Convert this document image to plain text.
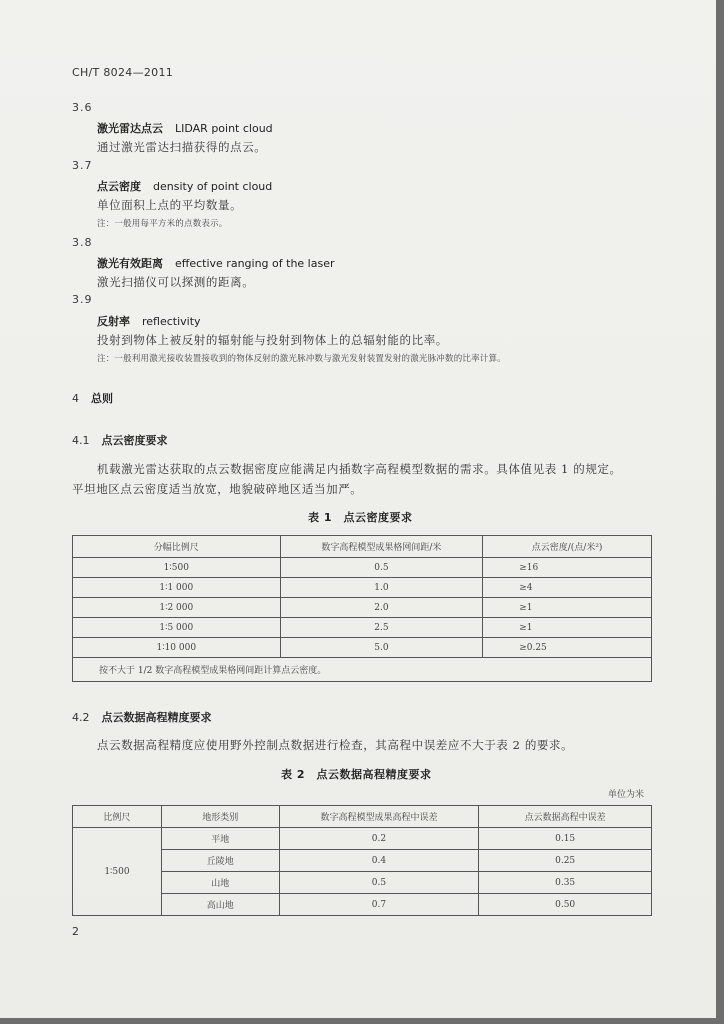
CH/T 8024—2011
3.6
激光雷达点云 LIDAR point cloud
通过激光雷达扫描获得的点云。
3.7
点云密度 density of point cloud
单位面积上点的平均数量。
注：一般用每平方米的点数表示。
3.8
激光有效距离 effective ranging of the laser
激光扫描仪可以探测的距离。
3.9
反射率 reflectivity
投射到物体上被反射的辐射能与投射到物体上的总辐射能的比率。
注：一般利用激光接收装置接收到的物体反射的激光脉冲数与激光发射装置发射的激光脉冲数的比率计算。
4 总则
4.1 点云密度要求
机载激光雷达获取的点云数据密度应能满足内插数字高程模型数据的需求。具体值见表 1 的规定。
平坦地区点云密度适当放宽，地貌破碎地区适当加严。
表 1　点云密度要求
分幅比例尺	数字高程模型成果格网间距/米	点云密度/(点/米²)
1∶500	0.5	≥16
1∶1 000	1.0	≥4
1∶2 000	2.0	≥1
1∶5 000	2.5	≥1
1∶10 000	5.0	≥0.25
按不大于 1/2 数字高程模型成果格网间距计算点云密度。		
4.2 点云数据高程精度要求
点云数据高程精度应使用野外控制点数据进行检查，其高程中误差应不大于表 2 的要求。
表 2　点云数据高程精度要求
单位为米
比例尺	地形类别	数字高程模型成果高程中误差	点云数据高程中误差
1∶500	平地	0.2	0.15
	丘陵地	0.4	0.25
	山地	0.5	0.35
	高山地	0.7	0.50
2
